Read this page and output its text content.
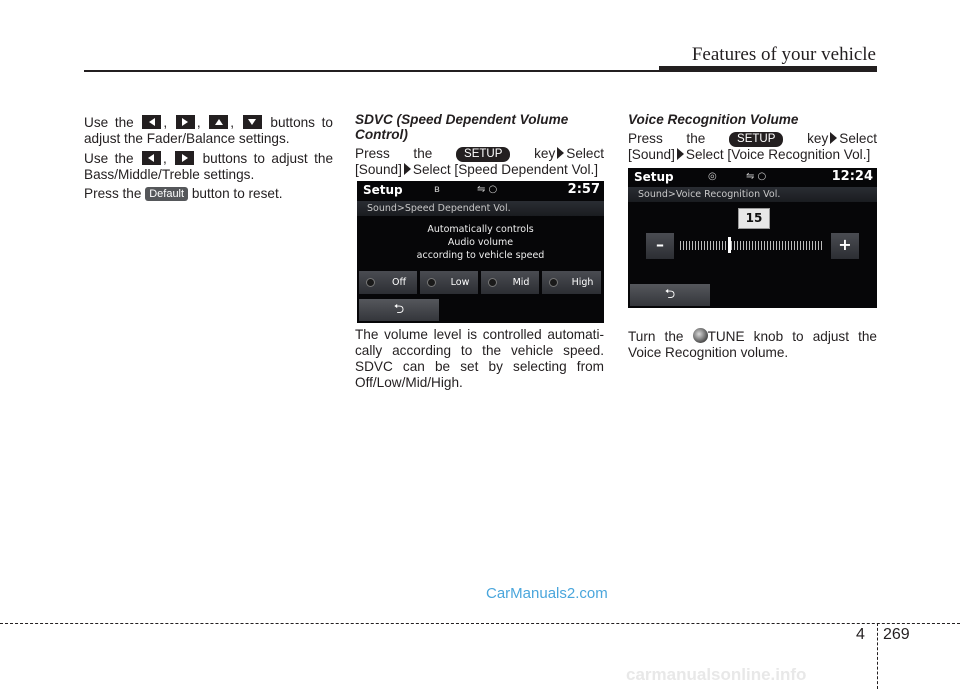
Features of your vehicle

Use the , , ,  buttons to

adjust the Fader/Balance settings.

Use the ,  buttons to adjust the

Bass/Middle/Treble settings.

Press the Default button to reset.

SDVC (Speed Dependent Volume

Control)

Press the	SETUP key Select

[Sound] Select [Speed Dependent Vol.]

Setup	ʙ	⇋ ○	2:57
Sound>Speed Dependent Vol.
Automatically controls
Audio volume
according to vehicle speed
Off	Low	Mid	High
⮌

The volume level is controlled automati-

cally according to the vehicle speed.

SDVC can be set by selecting from

Off/Low/Mid/High.

Voice Recognition Volume

Press the	SETUP key Select

[Sound] Select [Voice Recognition Vol.]

Setup	◎	⇋ ○	12:24
Sound>Voice Recognition Vol.
15
–	+
⮌

Turn the TUNE knob to adjust the

Voice Recognition volume.

CarManuals2.com
4 269
carmanualsonline.info
